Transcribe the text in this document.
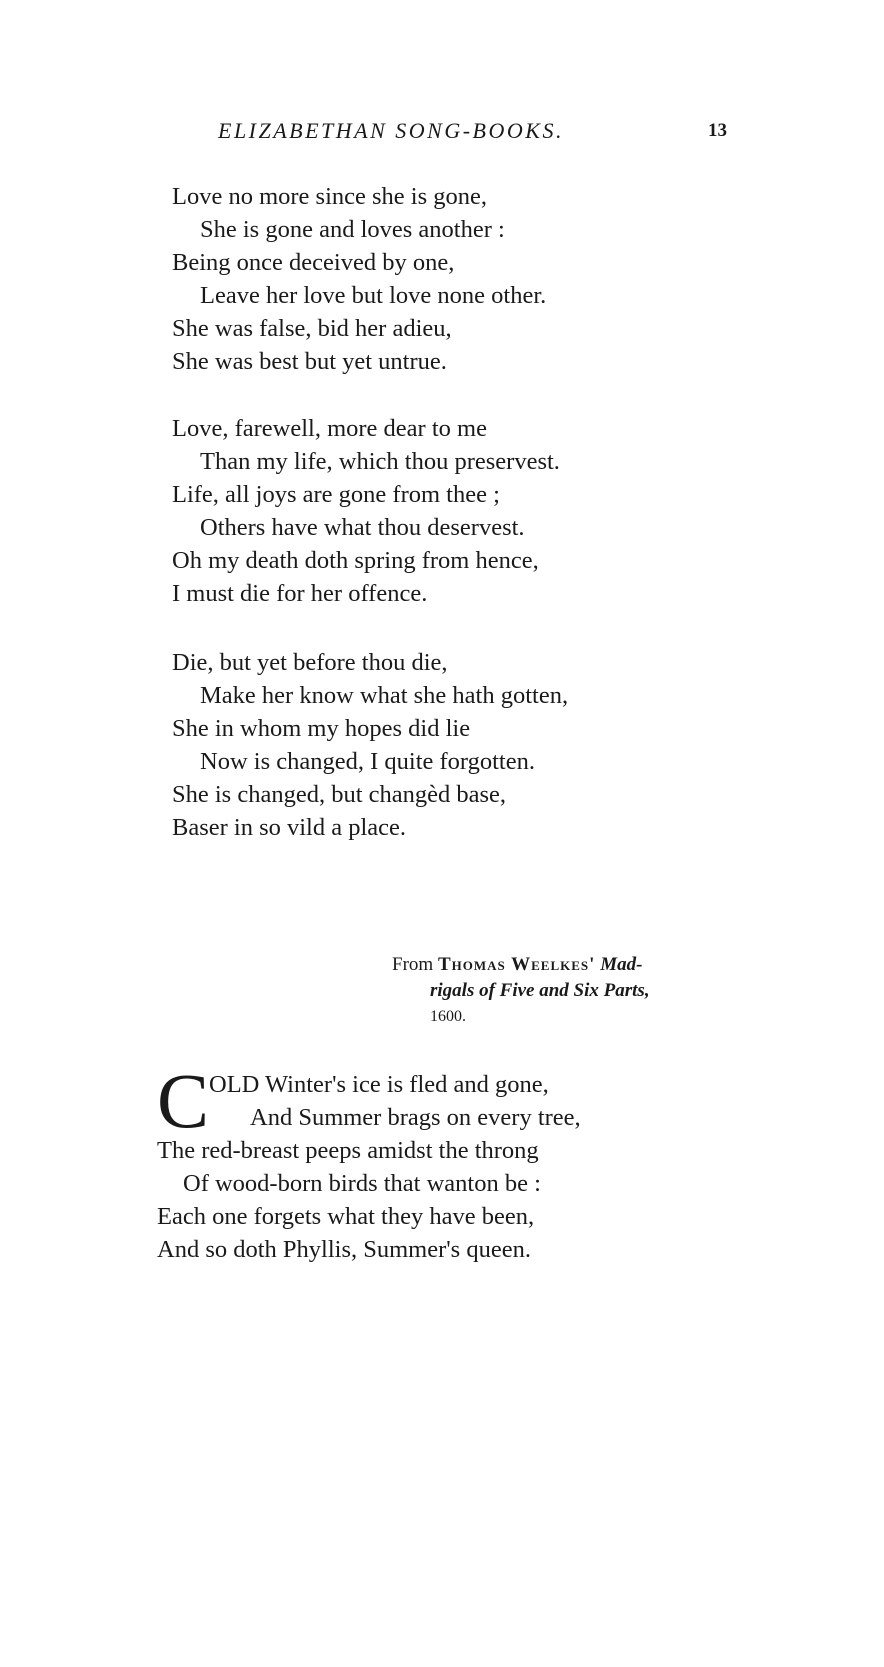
ELIZABETHAN SONG-BOOKS.	13
Love no more since she is gone,
She is gone and loves another :
Being once deceived by one,
Leave her love but love none other.
She was false, bid her adieu,
She was best but yet untrue.
Love, farewell, more dear to me
Than my life, which thou preservest.
Life, all joys are gone from thee ;
Others have what thou deservest.
Oh my death doth spring from hence,
I must die for her offence.
Die, but yet before thou die,
Make her know what she hath gotten,
She in whom my hopes did lie
Now is changed, I quite forgotten.
She is changed, but changèd base,
Baser in so vild a place.
From Thomas Weelkes' Mad-
rigals of Five and Six Parts,
1600.
C OLD Winter's ice is fled and gone,
And Summer brags on every tree,
The red-breast peeps amidst the throng
Of wood-born birds that wanton be :
Each one forgets what they have been,
And so doth Phyllis, Summer's queen.
